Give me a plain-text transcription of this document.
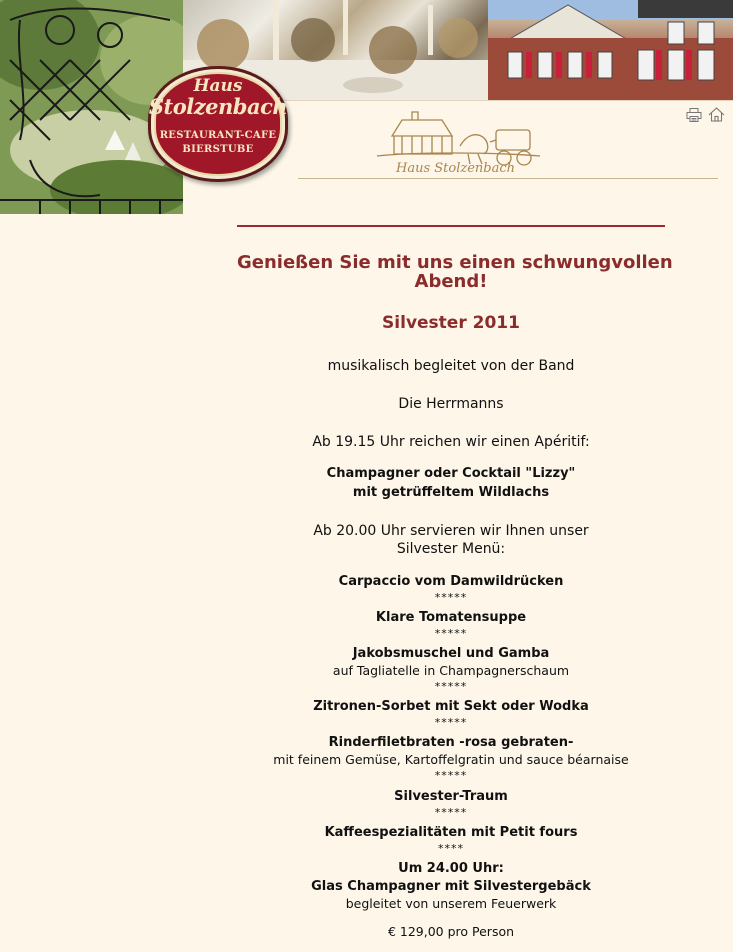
Haus
Stolzenbach
RESTAURANT-CAFE
BIERSTUBE
Haus Stolzenbach
Genießen Sie mit uns einen schwungvollen
Abend!
Silvester 2011
musikalisch begleitet von der Band
Die Herrmanns
Ab 19.15 Uhr reichen wir einen Apéritif:
Champagner oder Cocktail "Lizzy"
mit getrüffeltem Wildlachs
Ab 20.00 Uhr servieren wir Ihnen unser
Silvester Menü:
Carpaccio vom Damwildrücken
*****
Klare Tomatensuppe
*****
Jakobsmuschel und Gamba
auf Tagliatelle in Champagnerschaum
*****
Zitronen-Sorbet mit Sekt oder Wodka
*****
Rinderfiletbraten -rosa gebraten-
mit feinem Gemüse, Kartoffelgratin und sauce béarnaise
*****
Silvester-Traum
*****
Kaffeespezialitäten mit Petit fours
****
Um 24.00 Uhr:
Glas Champagner mit Silvestergebäck
begleitet von unserem Feuerwerk
€ 129,00 pro Person
